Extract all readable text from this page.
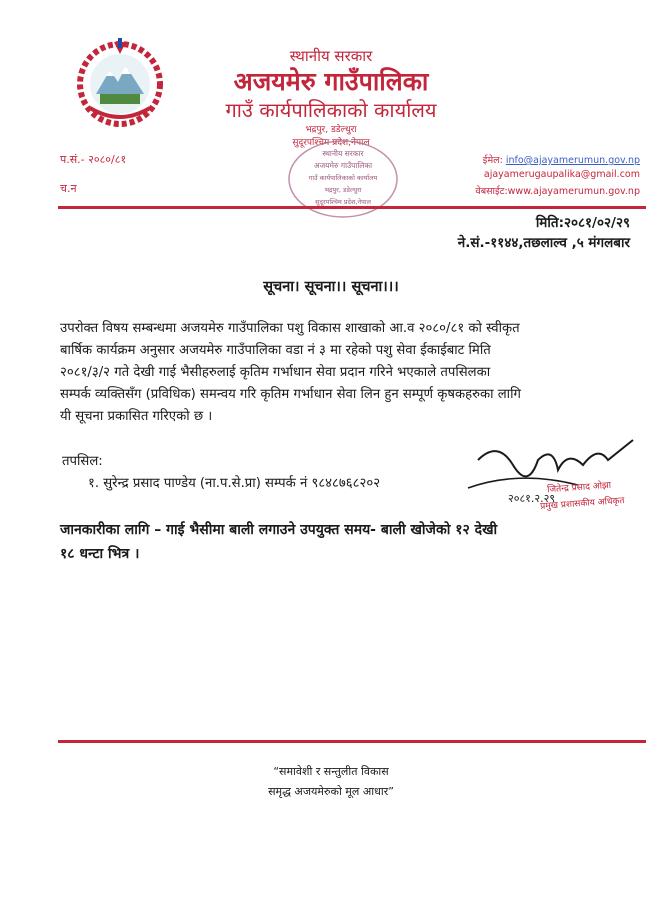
स्थानीय सरकार
अजयमेरु गाउँपालिका
गाउँ कार्यपालिकाको कार्यालय
भद्रपुर, डडेल्धुरा
सुदूरपश्चिम प्रदेश,नेपाल
प.सं.- २०८०/८१
च.न
ईमेल: info@ajayamerumun.gov.np
ajayamerugaupalika@gmail.com
वेबसाईट:www.ajayamerumun.gov.np
स्थानीय सरकार
अजयमेरु गाउँपालिका
गाउँ कार्यपालिकाको कार्यालय
भद्रपुर, डडेल्धुरा
सुदूरपश्चिम प्रदेश,नेपाल
मिति:२०८१/०२/२९
ने.सं.-११४४,तछलाल्व ,५ मंगलबार
सूचना। सूचना।। सूचना।।।
उपरोक्त विषय सम्बन्धमा अजयमेरु गाउँपालिका पशु विकास शाखाको आ.व २०८०/८१ को स्वीकृत
बार्षिक कार्यक्रम अनुसार अजयमेरु गाउँपालिका वडा नं ३ मा रहेको पशु सेवा ईकाईबाट मिति
२०८१/३/२ गते देखी गाई भैसीहरुलाई कृतिम गर्भाधान सेवा प्रदान गरिने भएकाले तपसिलका
सम्पर्क व्यक्तिसँग (प्रविधिक) समन्वय गरि कृतिम गर्भाधान सेवा लिन हुन सम्पूर्ण कृषकहरुका लागि
यी सूचना प्रकासित गरिएको छ ।
तपसिल:
१. सुरेन्द्र प्रसाद पाण्डेय (ना.प.से.प्रा) सम्पर्क नं ९८४८७६८२०२
२०८१.२.२९
जितेन्द्र प्रसाद ओझा
प्रमुख प्रशासकीय अधिकृत
जानकारीका लागि – गाई भैसीमा बाली लगाउने उपयुक्त समय- बाली खोजेको १२ देखी
१८ धन्टा भित्र ।
“समावेशी र सन्तुलीत विकास
समृद्ध अजयमेरुको मूल आधार”
